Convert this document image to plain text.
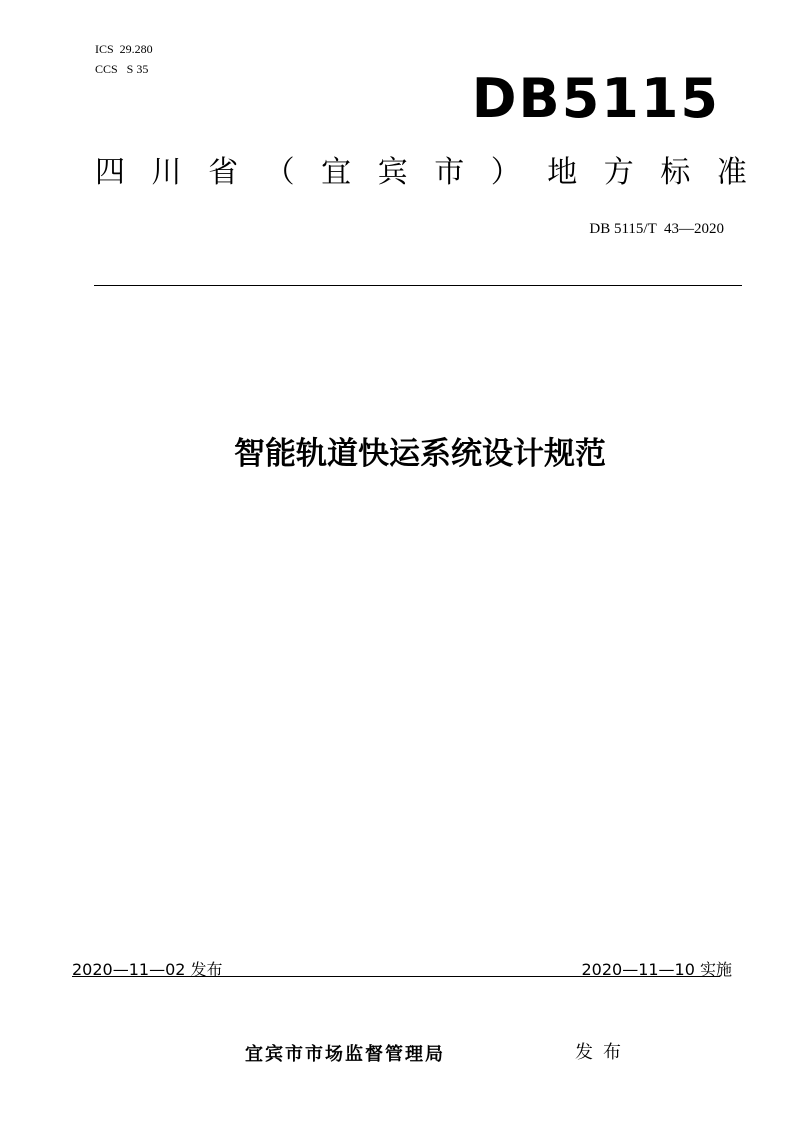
ICS  29.280
CCS   S 35	DB5115
四 川 省 （ 宜 宾 市 ） 地 方 标 准
DB 5115/T  43—2020
智能轨道快运系统设计规范
2020—11—02 发布	2020—11—10 实施
宜宾市市场监督管理局	发布
